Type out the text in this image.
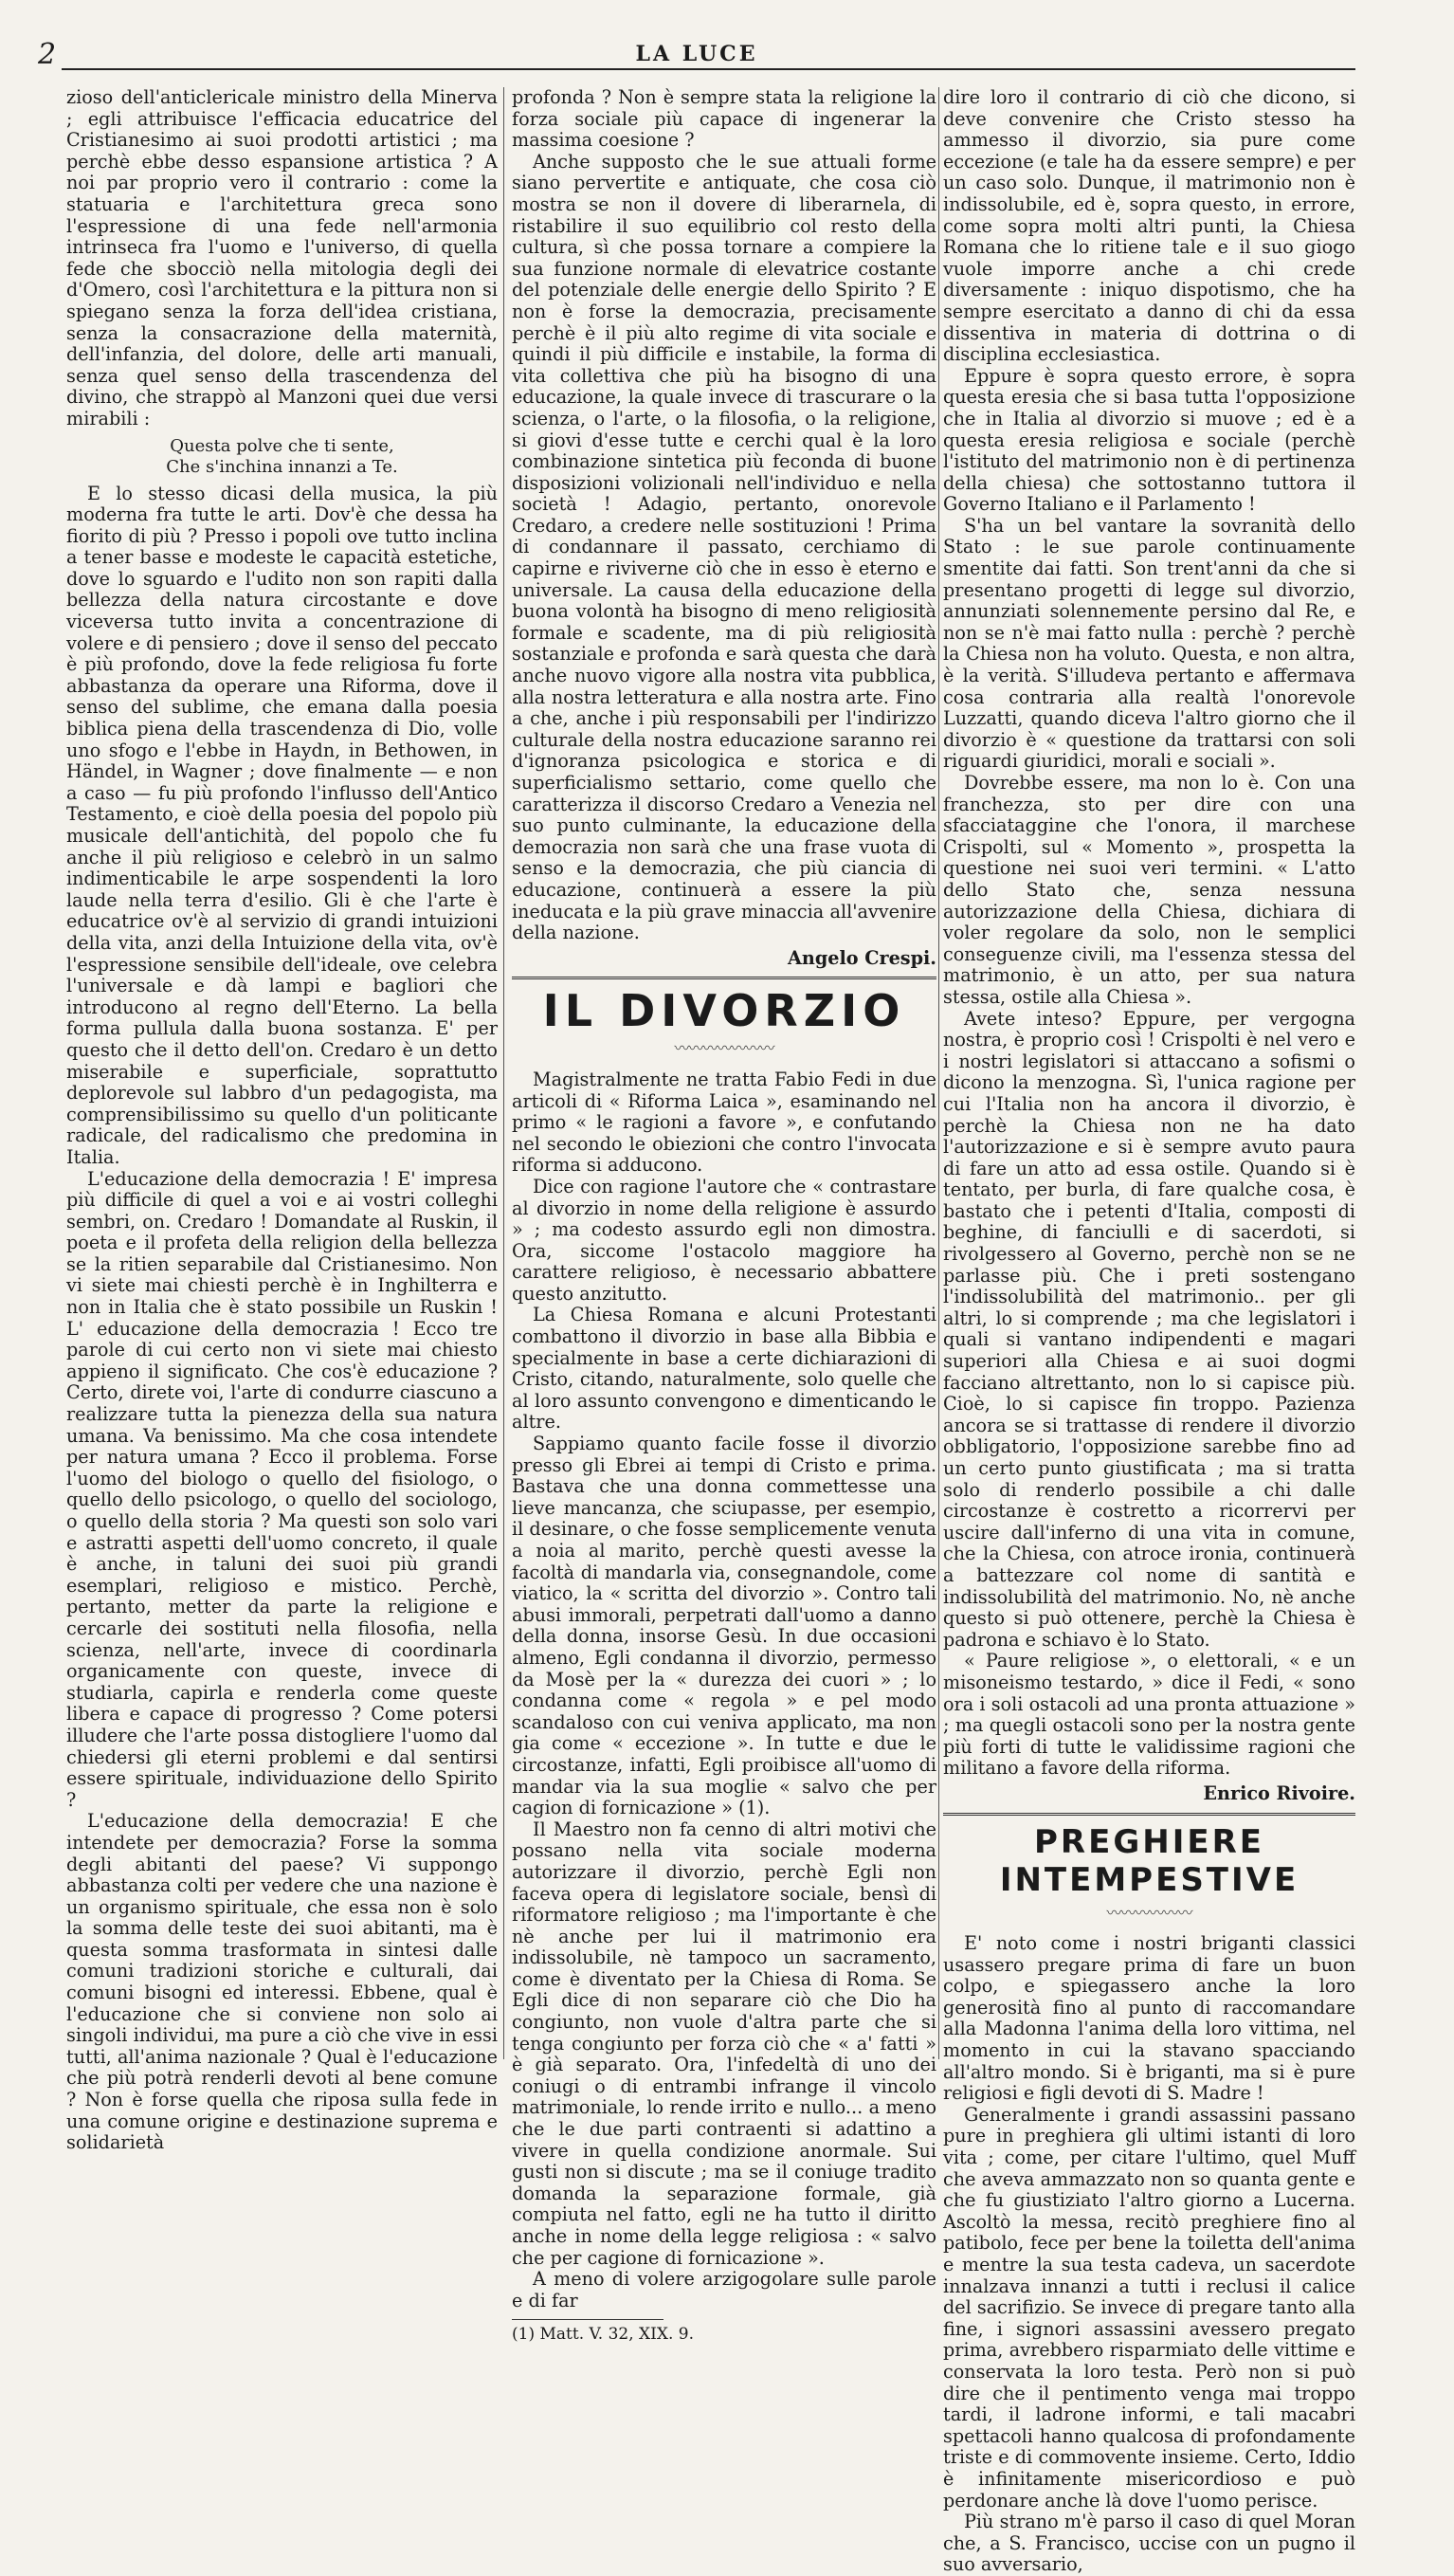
2	LA LUCE

zioso dell'anticlericale ministro della Minerva ; egli attribuisce l'efficacia educatrice del Cristianesimo ai suoi prodotti artistici ; ma perchè ebbe desso espansione artistica ? A noi par proprio vero il contrario : come la statuaria e l'architettura greca sono l'espressione di una fede nell'armonia intrinseca fra l'uomo e l'universo, di quella fede che sbocciò nella mitologia degli dei d'Omero, così l'architettura e la pittura non si spiegano senza la forza dell'idea cristiana, senza la consacrazione della maternità, dell'infanzia, del dolore, delle arti manuali, senza quel senso della trascendenza del divino, che strappò al Manzoni quei due versi mirabili :

Questa polve che ti sente,
Che s'inchina innanzi a Te.

E lo stesso dicasi della musica, la più moderna fra tutte le arti. Dov'è che dessa ha fiorito di più ? Presso i popoli ove tutto inclina a tener basse e modeste le capacità estetiche, dove lo sguardo e l'udito non son rapiti dalla bellezza della natura circostante e dove viceversa tutto invita a concentrazione di volere e di pensiero ; dove il senso del peccato è più profondo, dove la fede religiosa fu forte abbastanza da operare una Riforma, dove il senso del sublime, che emana dalla poesia biblica piena della trascendenza di Dio, volle uno sfogo e l'ebbe in Haydn, in Bethowen, in Händel, in Wagner ; dove finalmente — e non a caso — fu più profondo l'influsso dell'Antico Testamento, e cioè della poesia del popolo più musicale dell'antichità, del popolo che fu anche il più religioso e celebrò in un salmo indimenticabile le arpe sospendenti la loro laude nella terra d'esilio. Gli è che l'arte è educatrice ov'è al servizio di grandi intuizioni della vita, anzi della Intuizione della vita, ov'è l'espressione sensibile dell'ideale, ove celebra l'universale e dà lampi e bagliori che introducono al regno dell'Eterno. La bella forma pullula dalla buona sostanza. E' per questo che il detto dell'on. Credaro è un detto miserabile e superficiale, soprattutto deplorevole sul labbro d'un pedagogista, ma comprensibilissimo su quello d'un politicante radicale, del radicalismo che predomina in Italia.

L'educazione della democrazia ! E' impresa più difficile di quel a voi e ai vostri colleghi sembri, on. Credaro ! Domandate al Ruskin, il poeta e il profeta della religion della bellezza se la ritien separabile dal Cristianesimo. Non vi siete mai chiesti perchè è in Inghilterra e non in Italia che è stato possibile un Ruskin ! L' educazione della democrazia ! Ecco tre parole di cui certo non vi siete mai chiesto appieno il significato. Che cos'è educazione ? Certo, direte voi, l'arte di condurre ciascuno a realizzare tutta la pienezza della sua natura umana. Va benissimo. Ma che cosa intendete per natura umana ? Ecco il problema. Forse l'uomo del biologo o quello del fisiologo, o quello dello psicologo, o quello del sociologo, o quello della storia ? Ma questi son solo vari e astratti aspetti dell'uomo concreto, il quale è anche, in taluni dei suoi più grandi esemplari, religioso e mistico. Perchè, pertanto, metter da parte la religione e cercarle dei sostituti nella filosofia, nella scienza, nell'arte, invece di coordinarla organicamente con queste, invece di studiarla, capirla e renderla come queste libera e capace di progresso ? Come potersi illudere che l'arte possa distogliere l'uomo dal chiedersi gli eterni problemi e dal sentirsi essere spirituale, individuazione dello Spirito ?

L'educazione della democrazia! E che intendete per democrazia? Forse la somma degli abitanti del paese? Vi suppongo abbastanza colti per vedere che una nazione è un organismo spirituale, che essa non è solo la somma delle teste dei suoi abitanti, ma è questa somma trasformata in sintesi dalle comuni tradizioni storiche e culturali, dai comuni bisogni ed interessi. Ebbene, qual è l'educazione che si conviene non solo ai singoli individui, ma pure a ciò che vive in essi tutti, all'anima nazionale ? Qual è l'educazione che più potrà renderli devoti al bene comune ? Non è forse quella che riposa sulla fede in una comune origine e destinazione suprema e solidarietà

profonda ? Non è sempre stata la religione la forza sociale più capace di ingenerar la massima coesione ?

Anche supposto che le sue attuali forme siano pervertite e antiquate, che cosa ciò mostra se non il dovere di liberarnela, di ristabilire il suo equilibrio col resto della cultura, sì che possa tornare a compiere la sua funzione normale di elevatrice costante del potenziale delle energie dello Spirito ? E non è forse la democrazia, precisamente perchè è il più alto regime di vita sociale e quindi il più difficile e instabile, la forma di vita collettiva che più ha bisogno di una educazione, la quale invece di trascurare o la scienza, o l'arte, o la filosofia, o la religione, si giovi d'esse tutte e cerchi qual è la loro combinazione sintetica più feconda di buone disposizioni volizionali nell'individuo e nella società ! Adagio, pertanto, onorevole Credaro, a credere nelle sostituzioni ! Prima di condannare il passato, cerchiamo di capirne e riviverne ciò che in esso è eterno e universale. La causa della educazione della buona volontà ha bisogno di meno religiosità formale e scadente, ma di più religiosità sostanziale e profonda e sarà questa che darà anche nuovo vigore alla nostra vita pubblica, alla nostra letteratura e alla nostra arte. Fino a che, anche i più responsabili per l'indirizzo culturale della nostra educazione saranno rei d'ignoranza psicologica e storica e di superficialismo settario, come quello che caratterizza il discorso Credaro a Venezia nel suo punto culminante, la educazione della democrazia non sarà che una frase vuota di senso e la democrazia, che più ciancia di educazione, continuerà a essere la più ineducata e la più grave minaccia all'avvenire della nazione.

Angelo Crespi.
IL DIVORZIO
〰〰〰〰〰〰〰

Magistralmente ne tratta Fabio Fedi in due articoli di « Riforma Laica », esaminando nel primo « le ragioni a favore », e confutando nel secondo le obiezioni che contro l'invocata riforma si adducono.

Dice con ragione l'autore che « contrastare al divorzio in nome della religione è assurdo » ; ma codesto assurdo egli non dimostra. Ora, siccome l'ostacolo maggiore ha carattere religioso, è necessario abbattere questo anzitutto.

La Chiesa Romana e alcuni Protestanti combattono il divorzio in base alla Bibbia e specialmente in base a certe dichiarazioni di Cristo, citando, naturalmente, solo quelle che al loro assunto convengono e dimenticando le altre.

Sappiamo quanto facile fosse il divorzio presso gli Ebrei ai tempi di Cristo e prima. Bastava che una donna commettesse una lieve mancanza, che sciupasse, per esempio, il desinare, o che fosse semplicemente venuta a noia al marito, perchè questi avesse la facoltà di mandarla via, consegnandole, come viatico, la « scritta del divorzio ». Contro tali abusi immorali, perpetrati dall'uomo a danno della donna, insorse Gesù. In due occasioni almeno, Egli condanna il divorzio, permesso da Mosè per la « durezza dei cuori » ; lo condanna come « regola » e pel modo scandaloso con cui veniva applicato, ma non gia come « eccezione ». In tutte e due le circostanze, infatti, Egli proibisce all'uomo di mandar via la sua moglie « salvo che per cagion di fornicazione » (1).

Il Maestro non fa cenno di altri motivi che possano nella vita sociale moderna autorizzare il divorzio, perchè Egli non faceva opera di legislatore sociale, bensì di riformatore religioso ; ma l'importante è che nè anche per lui il matrimonio era indissolubile, nè tampoco un sacramento, come è diventato per la Chiesa di Roma. Se Egli dice di non separare ciò che Dio ha congiunto, non vuole d'altra parte che si tenga congiunto per forza ciò che « a' fatti » è già separato. Ora, l'infedeltà di uno dei coniugi o di entrambi infrange il vincolo matrimoniale, lo rende irrito e nullo... a meno che le due parti contraenti si adattino a vivere in quella condizione anormale. Sui gusti non si discute ; ma se il coniuge tradito domanda la separazione formale, già compiuta nel fatto, egli ne ha tutto il diritto anche in nome della legge religiosa : « salvo che per cagione di fornicazione ».

A meno di volere arzigogolare sulle parole e di far

(1) Matt. V. 32, XIX. 9.

dire loro il contrario di ciò che dicono, si deve convenire che Cristo stesso ha ammesso il divorzio, sia pure come eccezione (e tale ha da essere sempre) e per un caso solo. Dunque, il matrimonio non è indissolubile, ed è, sopra questo, in errore, come sopra molti altri punti, la Chiesa Romana che lo ritiene tale e il suo giogo vuole imporre anche a chi crede diversamente : iniquo dispotismo, che ha sempre esercitato a danno di chi da essa dissentiva in materia di dottrina o di disciplina ecclesiastica.

Eppure è sopra questo errore, è sopra questa eresia che si basa tutta l'opposizione che in Italia al divorzio si muove ; ed è a questa eresia religiosa e sociale (perchè l'istituto del matrimonio non è di pertinenza della chiesa) che sottostanno tuttora il Governo Italiano e il Parlamento !

S'ha un bel vantare la sovranità dello Stato : le sue parole continuamente smentite dai fatti. Son trent'anni da che si presentano progetti di legge sul divorzio, annunziati solennemente persino dal Re, e non se n'è mai fatto nulla : perchè ? perchè la Chiesa non ha voluto. Questa, e non altra, è la verità. S'illudeva pertanto e affermava cosa contraria alla realtà l'onorevole Luzzatti, quando diceva l'altro giorno che il divorzio è « questione da trattarsi con soli riguardi giuridici, morali e sociali ».

Dovrebbe essere, ma non lo è. Con una franchezza, sto per dire con una sfacciataggine che l'onora, il marchese Crispolti, sul « Momento », prospetta la questione nei suoi veri termini. « L'atto dello Stato che, senza nessuna autorizzazione della Chiesa, dichiara di voler regolare da solo, non le semplici conseguenze civili, ma l'essenza stessa del matrimonio, è un atto, per sua natura stessa, ostile alla Chiesa ».

Avete inteso? Eppure, per vergogna nostra, è proprio così ! Crispolti è nel vero e i nostri legislatori si attaccano a sofismi o dicono la menzogna. Sì, l'unica ragione per cui l'Italia non ha ancora il divorzio, è perchè la Chiesa non ne ha dato l'autorizzazione e si è sempre avuto paura di fare un atto ad essa ostile. Quando si è tentato, per burla, di fare qualche cosa, è bastato che i petenti d'Italia, composti di beghine, di fanciulli e di sacerdoti, si rivolgessero al Governo, perchè non se ne parlasse più. Che i preti sostengano l'indissolubilità del matrimonio.. per gli altri, lo si comprende ; ma che legislatori i quali si vantano indipendenti e magari superiori alla Chiesa e ai suoi dogmi facciano altrettanto, non lo si capisce più. Cioè, lo si capisce fin troppo. Pazienza ancora se si trattasse di rendere il divorzio obbligatorio, l'opposizione sarebbe fino ad un certo punto giustificata ; ma si tratta solo di renderlo possibile a chi dalle circostanze è costretto a ricorrervi per uscire dall'inferno di una vita in comune, che la Chiesa, con atroce ironia, continuerà a battezzare col nome di santità e indissolubilità del matrimonio. No, nè anche questo si può ottenere, perchè la Chiesa è padrona e schiavo è lo Stato.

« Paure religiose », o elettorali, « e un misoneismo testardo, » dice il Fedi, « sono ora i soli ostacoli ad una pronta attuazione » ; ma quegli ostacoli sono per la nostra gente più forti di tutte le validissime ragioni che militano a favore della riforma.

Enrico Rivoire.
PREGHIERE INTEMPESTIVE
〰〰〰〰〰〰

E' noto come i nostri briganti classici usassero pregare prima di fare un buon colpo, e spiegassero anche la loro generosità fino al punto di raccomandare alla Madonna l'anima della loro vittima, nel momento in cui la stavano spacciando all'altro mondo. Si è briganti, ma si è pure religiosi e figli devoti di S. Madre !

Generalmente i grandi assassini passano pure in preghiera gli ultimi istanti di loro vita ; come, per citare l'ultimo, quel Muff che aveva ammazzato non so quanta gente e che fu giustiziato l'altro giorno a Lucerna. Ascoltò la messa, recitò preghiere fino al patibolo, fece per bene la toiletta dell'anima e mentre la sua testa cadeva, un sacerdote innalzava innanzi a tutti i reclusi il calice del sacrifizio. Se invece di pregare tanto alla fine, i signori assassini avessero pregato prima, avrebbero risparmiato delle vittime e conservata la loro testa. Però non si può dire che il pentimento venga mai troppo tardi, il ladrone informi, e tali macabri spettacoli hanno qualcosa di profondamente triste e di commovente insieme. Certo, Iddio è infinitamente misericordioso e può perdonare anche là dove l'uomo perisce.

Più strano m'è parso il caso di quel Moran che, a S. Francisco, uccise con un pugno il suo avversario,
